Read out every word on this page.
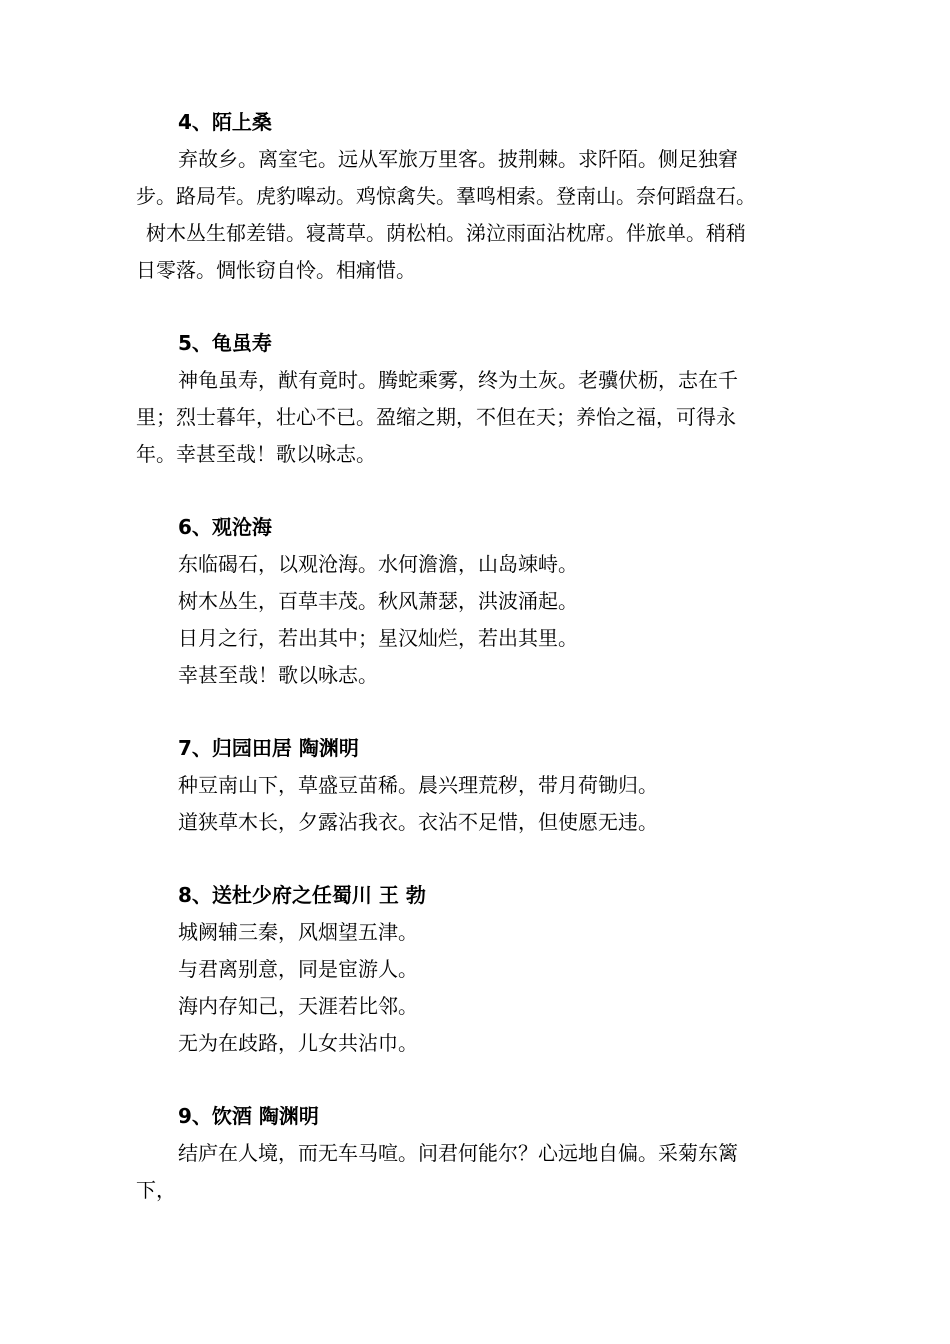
4、陌上桑
弃故乡。离室宅。远从军旅万里客。披荆棘。求阡陌。侧足独窘
步。路局苲。虎豹嗥动。鸡惊禽失。羣鸣相索。登南山。奈何蹈盘石。
树木丛生郁差错。寝蒿草。荫松柏。涕泣雨面沾枕席。伴旅单。稍稍
日零落。惆怅窃自怜。相痛惜。
5、龟虽寿
神龟虽寿，猷有竟时。腾蛇乘雾，终为土灰。老骥伏枥，志在千
里；烈士暮年，壮心不已。盈缩之期，不但在天；养怡之福，可得永
年。幸甚至哉！歌以咏志。
6、观沧海
东临碣石，以观沧海。水何澹澹，山岛竦峙。
树木丛生，百草丰茂。秋风萧瑟，洪波涌起。
日月之行，若出其中；星汉灿烂，若出其里。
幸甚至哉！歌以咏志。
7、归园田居 陶渊明
种豆南山下，草盛豆苗稀。晨兴理荒秽，带月荷锄归。
道狭草木长，夕露沾我衣。衣沾不足惜，但使愿无违。
8、送杜少府之任蜀川 王 勃
城阙辅三秦，风烟望五津。
与君离别意，同是宦游人。
海内存知己，天涯若比邻。
无为在歧路，儿女共沾巾。
9、饮酒 陶渊明
结庐在人境，而无车马喧。问君何能尔？心远地自偏。采菊东篱
下，
